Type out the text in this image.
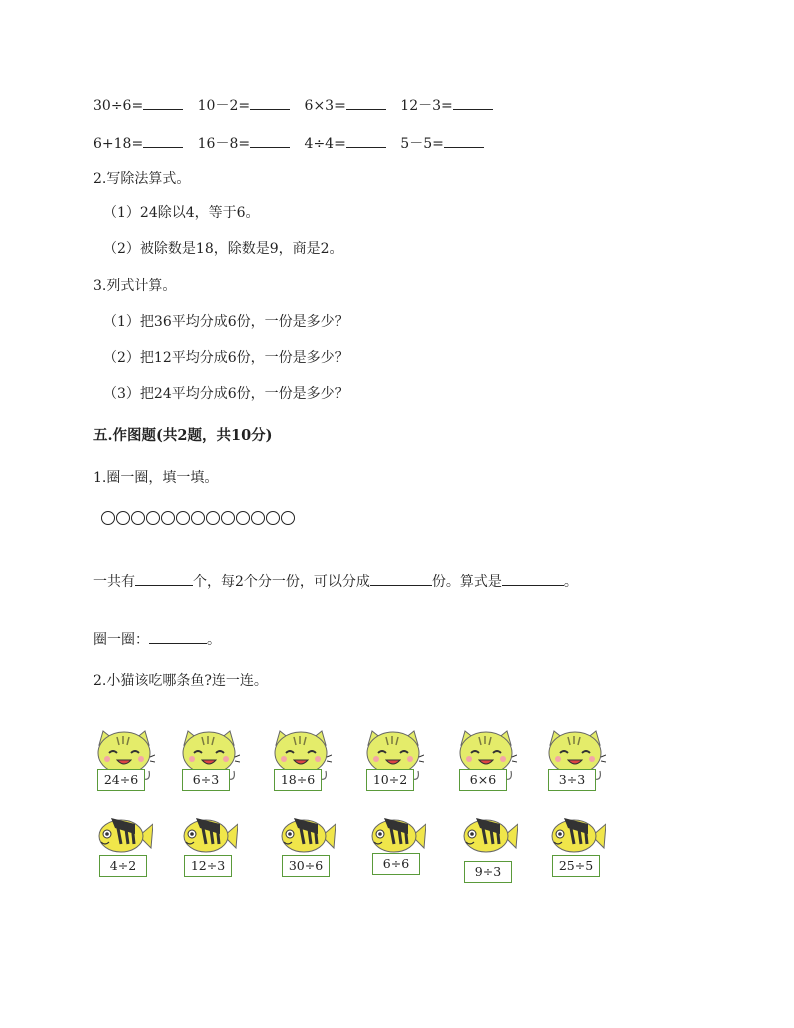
30÷6=	10－2=	6×3=	12－3=
6+18=	16－8=	4÷4=	5－5=
2.写除法算式。
（1）24除以4，等于6。
（2）被除数是18，除数是9，商是2。
3.列式计算。
（1）把36平均分成6份，一份是多少？
（2）把12平均分成6份，一份是多少？
（3）把24平均分成6份，一份是多少？
五.作图题(共2题，共10分)
1.圈一圈，填一填。
一共有	个，每2个分一份，可以分成	份。算式是	。
圈一圈：	。
2.小猫该吃哪条鱼?连一连。
24÷6	6÷3	18÷6	10÷2	6×6	3÷3
4÷2	12÷3	30÷6	6÷6
9÷3	25÷5
